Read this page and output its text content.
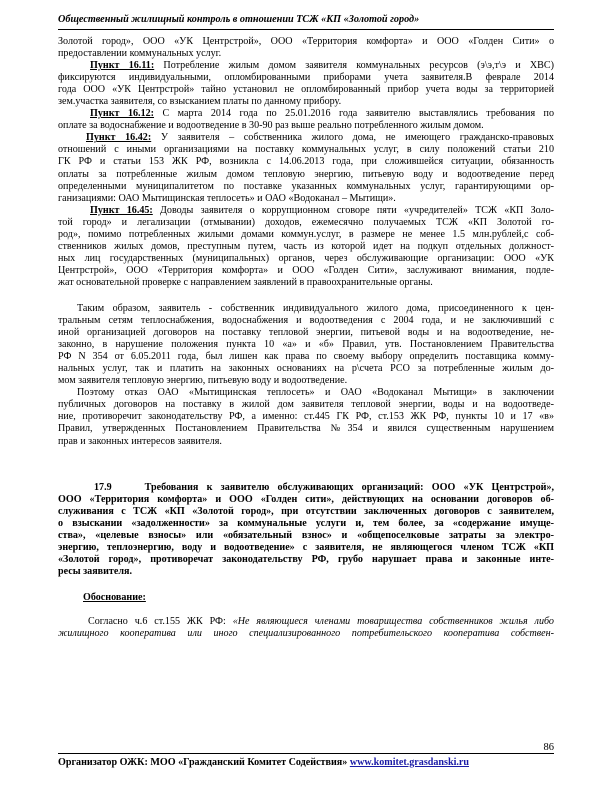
Общественный жилищный контроль в отношении ТСЖ «КП «Золотой город»
Золотой город», ООО «УК Центрстрой», ООО «Территория комфорта» и ООО «Голден Сити» о
предоставлении коммунальных услуг.
Пункт 16.11: Потребление жилым домом заявителя коммунальных ресурсов (э\э,т\э и ХВС)
фиксируются индивидуальными, опломбированными приборами учета заявителя.В феврале 2014
года ООО «УК Центрстрой» тайно установил не опломбированный прибор учета воды за территорией
зем.участка заявителя, со взысканием платы по данному прибору.
Пункт 16.12: С марта 2014 года по 25.01.2016 года заявителю выставлялись требования по
оплате за водоснабжение и водоотведение в 30-90 раз выше реально потребленного жилым домом.
Пункт 16.42: У заявителя – собственника жилого дома, не имеющего гражданско-правовых
отношений с иными организациями на поставку коммунальных услуг, в силу положений статьи 210
ГК РФ и статьи 153 ЖК РФ, возникла с 14.06.2013 года, при сложившейся ситуации, обязанность
оплаты за потребленные жилым домом тепловую энергию, питьевую воду и водоотведение перед
определенными муниципалитетом по поставке указанных коммунальных услуг, гарантирующими ор-
ганизациями: ОАО Мытищинская теплосеть» и ОАО «Водоканал – Мытищи».
Пункт 16.45: Доводы заявителя о коррупционном сговоре пяти «учредителей» ТСЖ «КП Золо-
той город» и легализации (отмывании) доходов, ежемесячно получаемых ТСЖ «КП Золотой го-
род», помимо потребленных жилыми домами коммун.услуг, в размере не менее 1.5 млн.рублей,с соб-
ственников жилых домов, преступным путем, часть из которой идет на подкуп отдельных должност-
ных лиц государственных (муниципальных) органов, через обслуживающие организации: ООО «УК
Центрстрой», ООО «Территория комфорта» и ООО «Голден Сити», заслуживают внимания, подле-
жат основательной проверке с направлением заявлений в правоохранительные органы.
Таким образом, заявитель - собственник индивидуального жилого дома, присоединенного к цен-
тральным сетям теплоснабжения, водоснабжения и водоотведения с 2004 года, и не заключивший с
иной организацией договоров на поставку тепловой энергии, питьевой воды и на водоотведение, не-
законно, в нарушение положения пункта 10 «а» и «б» Правил, утв. Постановлением Правительства
РФ N 354 от 6.05.2011 года, был лишен как права по своему выбору определить поставщика комму-
нальных услуг, так и платить на законных основаниях на р\счета РСО за потребленные жилым до-
мом заявителя тепловую энергию, питьевую воду и водоотведение.
Поэтому отказ ОАО «Мытищинская теплосеть» и ОАО «Водоканал Мытищи» в заключении
публичных договоров на поставку в жилой дом заявителя тепловой энергии, воды и на водоотведе-
ние, противоречит законодательству РФ, а именно: ст.445 ГК РФ, ст.153 ЖК РФ, пункты 10 и 17 «в»
Правил, утвержденных Постановлением Правительства №354 и явился существенным нарушением
прав и законных интересов заявителя.
17.9	Требования к заявителю обслуживающих организаций: ООО «УК Центрстрой»,
ООО «Территория комфорта» и ООО «Голден сити», действующих на основании договоров об-
служивания с ТСЖ «КП «Золотой город», при отсутствии заключенных договоров с заявителем,
о взыскании «задолженности» за коммунальные услуги и, тем более, за «содержание имуще-
ства», «целевые взносы» или «обязательный взнос» и «общепоселковые затраты за электро-
энергию, теплоэнергию, воду и водоотведение» с заявителя, не являющегося членом ТСЖ «КП
«Золотой город», противоречат законодательству РФ, грубо нарушает права и законные инте-
ресы заявителя.
Обоснование:
Согласно ч.6 ст.155 ЖК РФ: «Не являющиеся членами товарищества собственников жилья либо
жилищного кооператива или иного специализированного потребительского кооператива собствен-
86
Организатор ОЖК: МОО «Гражданский Комитет Содействия» www.komitet.grasdanski.ru
